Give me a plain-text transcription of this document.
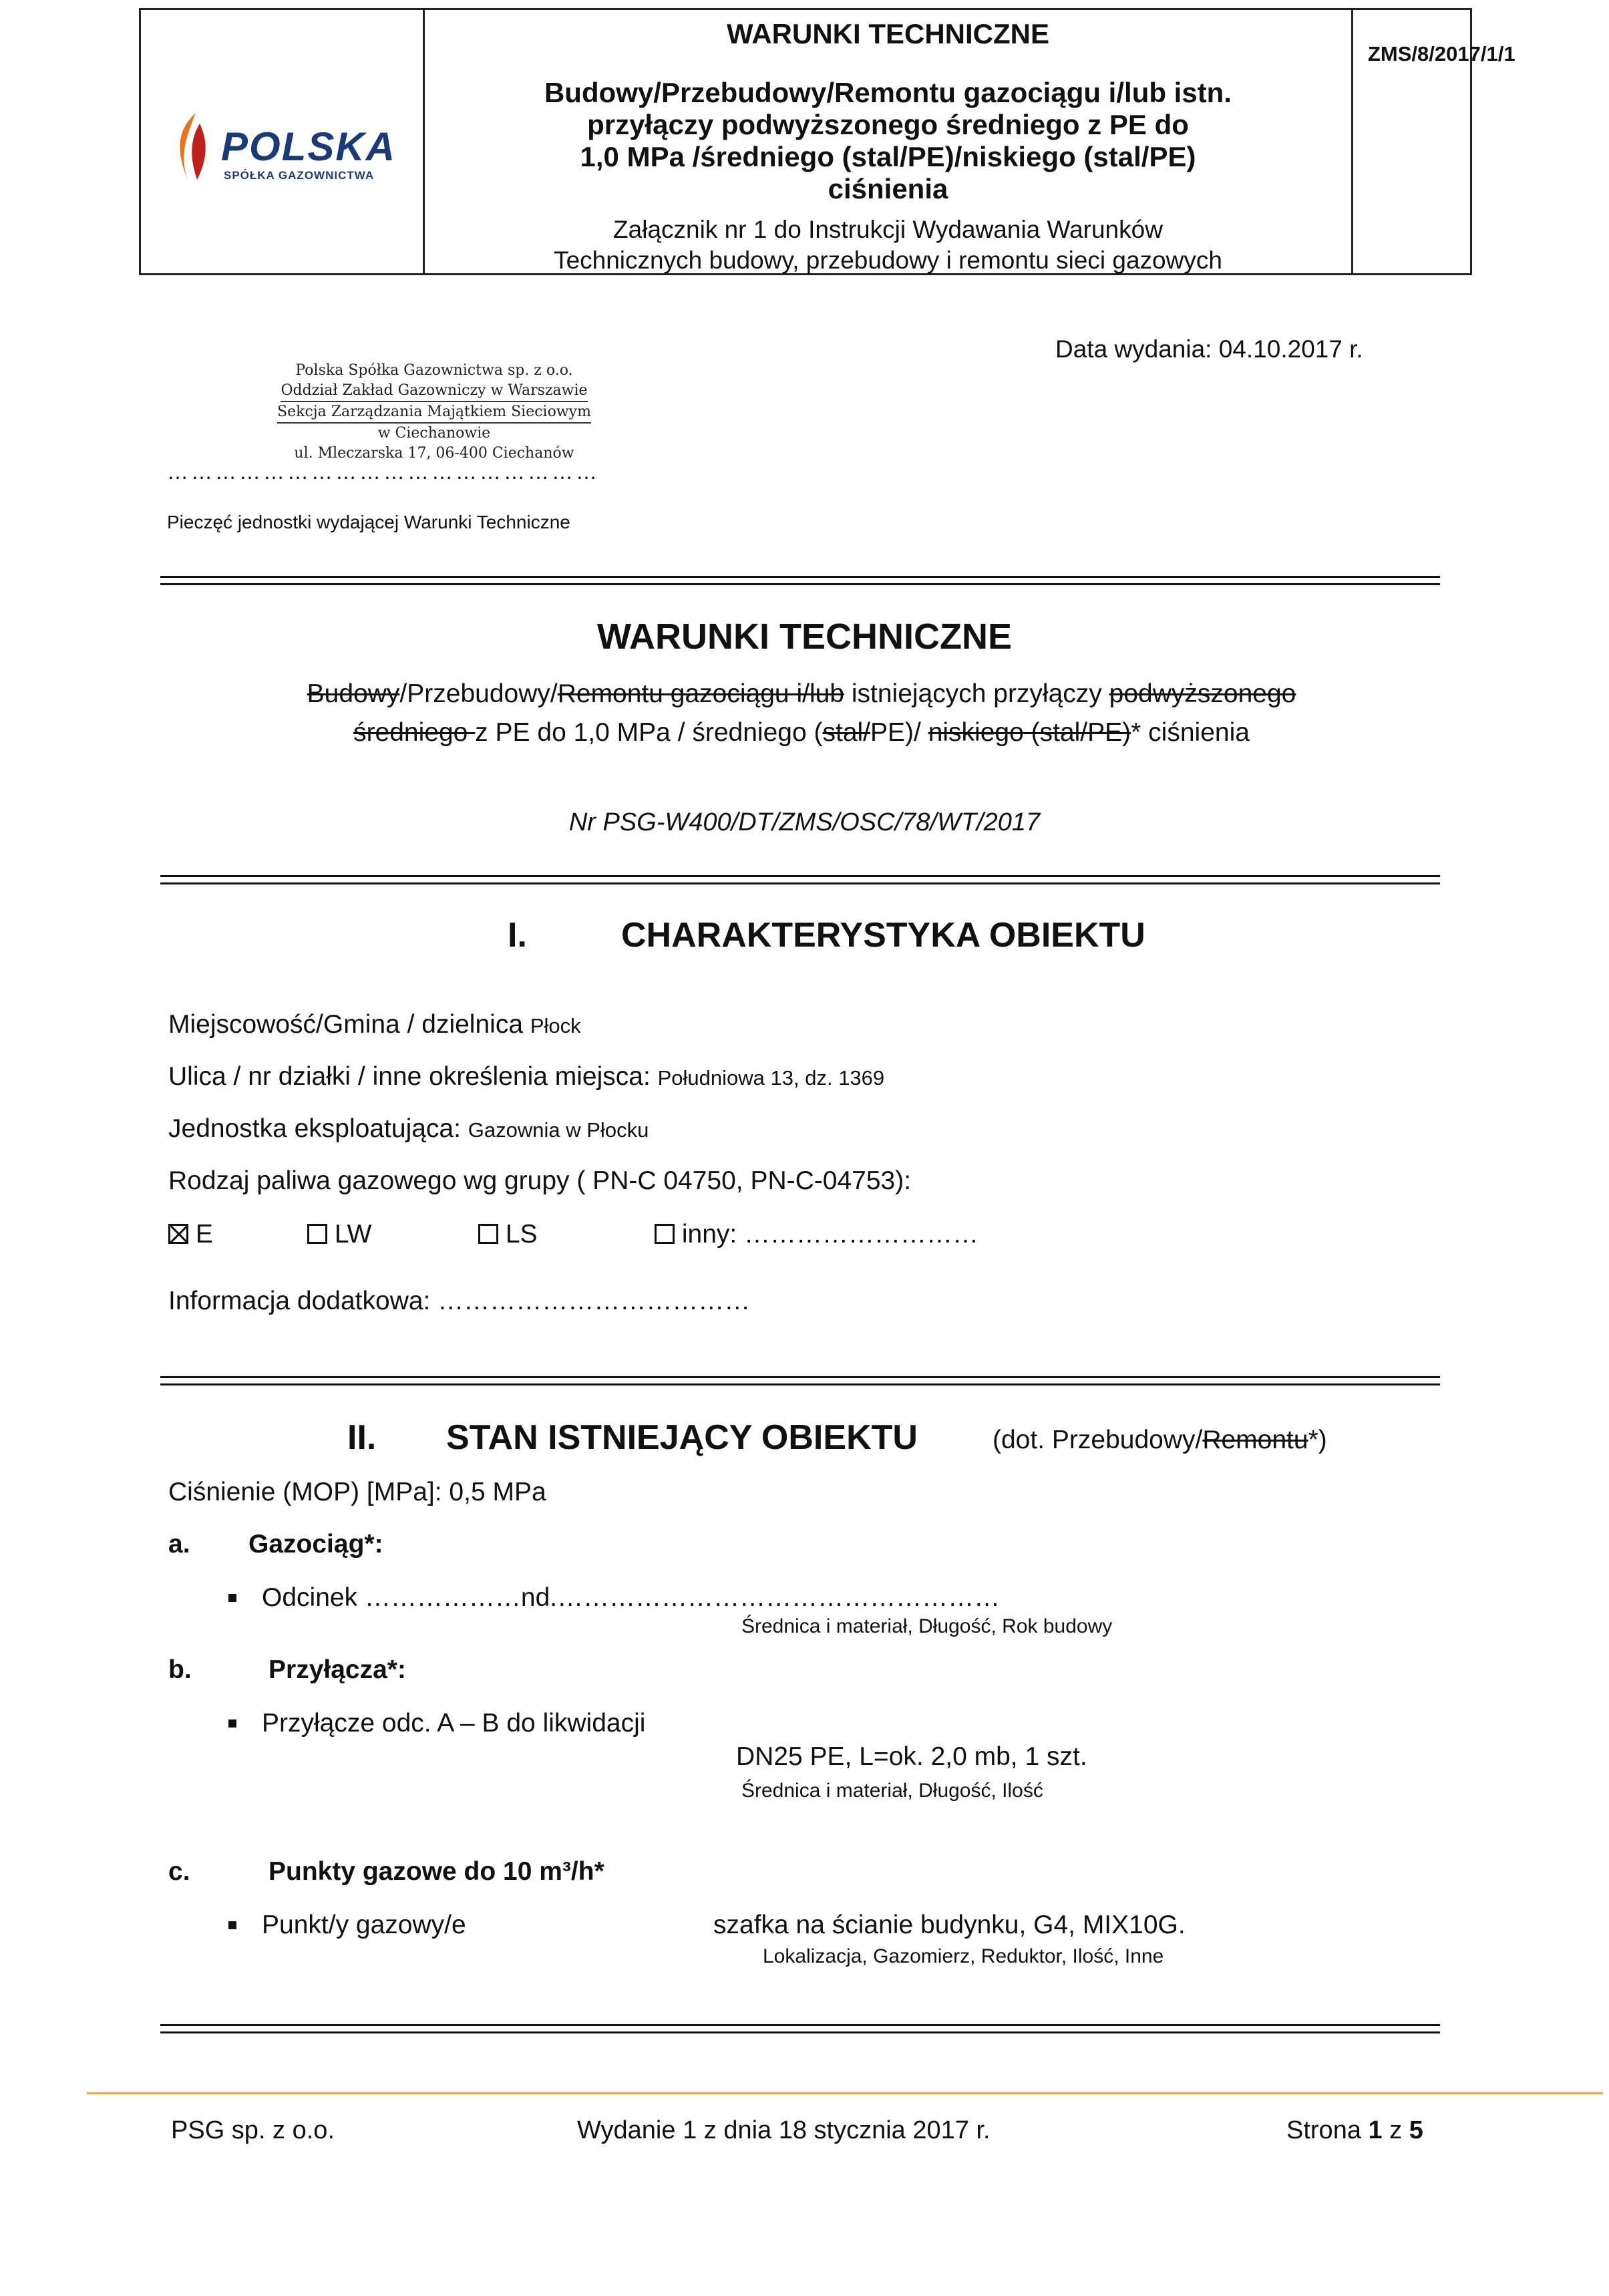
POLSKA
SPÓŁKA GAZOWNICTWA
WARUNKI TECHNICZNE
Budowy/Przebudowy/Remontu gazociągu i/lub istn.
przyłączy podwyższonego średniego z PE do
1,0 MPa /średniego (stal/PE)/niskiego (stal/PE)
ciśnienia
Załącznik nr 1 do Instrukcji Wydawania Warunków
Technicznych budowy, przebudowy i remontu sieci gazowych
ZMS/8/2017/1/1
Polska Spółka Gazownictwa sp. z o.o.
Oddział Zakład Gazowniczy w Warszawie
Sekcja Zarządzania Majątkiem Sieciowym
w Ciechanowie
ul. Mleczarska 17, 06-400 Ciechanów
………………………………………………
Pieczęć jednostki wydającej Warunki Techniczne
Data wydania: 04.10.2017 r.
WARUNKI TECHNICZNE
Budowy/Przebudowy/Remontu gazociągu i/lub istniejących przyłączy podwyższonego
średniego z PE do 1,0 MPa / średniego (stal/PE)/ niskiego (stal/PE)* ciśnienia
Nr PSG-W400/DT/ZMS/OSC/78/WT/2017
I.	CHARAKTERYSTYKA OBIEKTU
Miejscowość/Gmina / dzielnica Płock
Ulica / nr działki / inne określenia miejsca: Południowa 13, dz. 1369
Jednostka eksploatująca: Gazownia w Płocku
Rodzaj paliwa gazowego wg grupy ( PN-C 04750, PN-C-04753):
E	LW	LS	inny: ………………………
Informacja dodatkowa: ………………………………
II. STAN ISTNIEJĄCY OBIEKTU	(dot. Przebudowy/Remontu*)
Ciśnienie (MOP) [MPa]: 0,5 MPa
a. Gazociąg*:
Odcinek ………………nd.……………………………………………
Średnica i materiał, Długość, Rok budowy
b.	Przyłącza*:
Przyłącze odc. A – B do likwidacji
DN25 PE, L=ok. 2,0 mb, 1 szt.
Średnica i materiał, Długość, Ilość
c.	Punkty gazowe do 10 m³/h*
Punkt/y gazowy/e	szafka na ścianie budynku, G4, MIX10G.
Lokalizacja, Gazomierz, Reduktor, Ilość, Inne
PSG sp. z o.o.	Wydanie 1 z dnia 18 stycznia 2017 r.	Strona 1 z 5
